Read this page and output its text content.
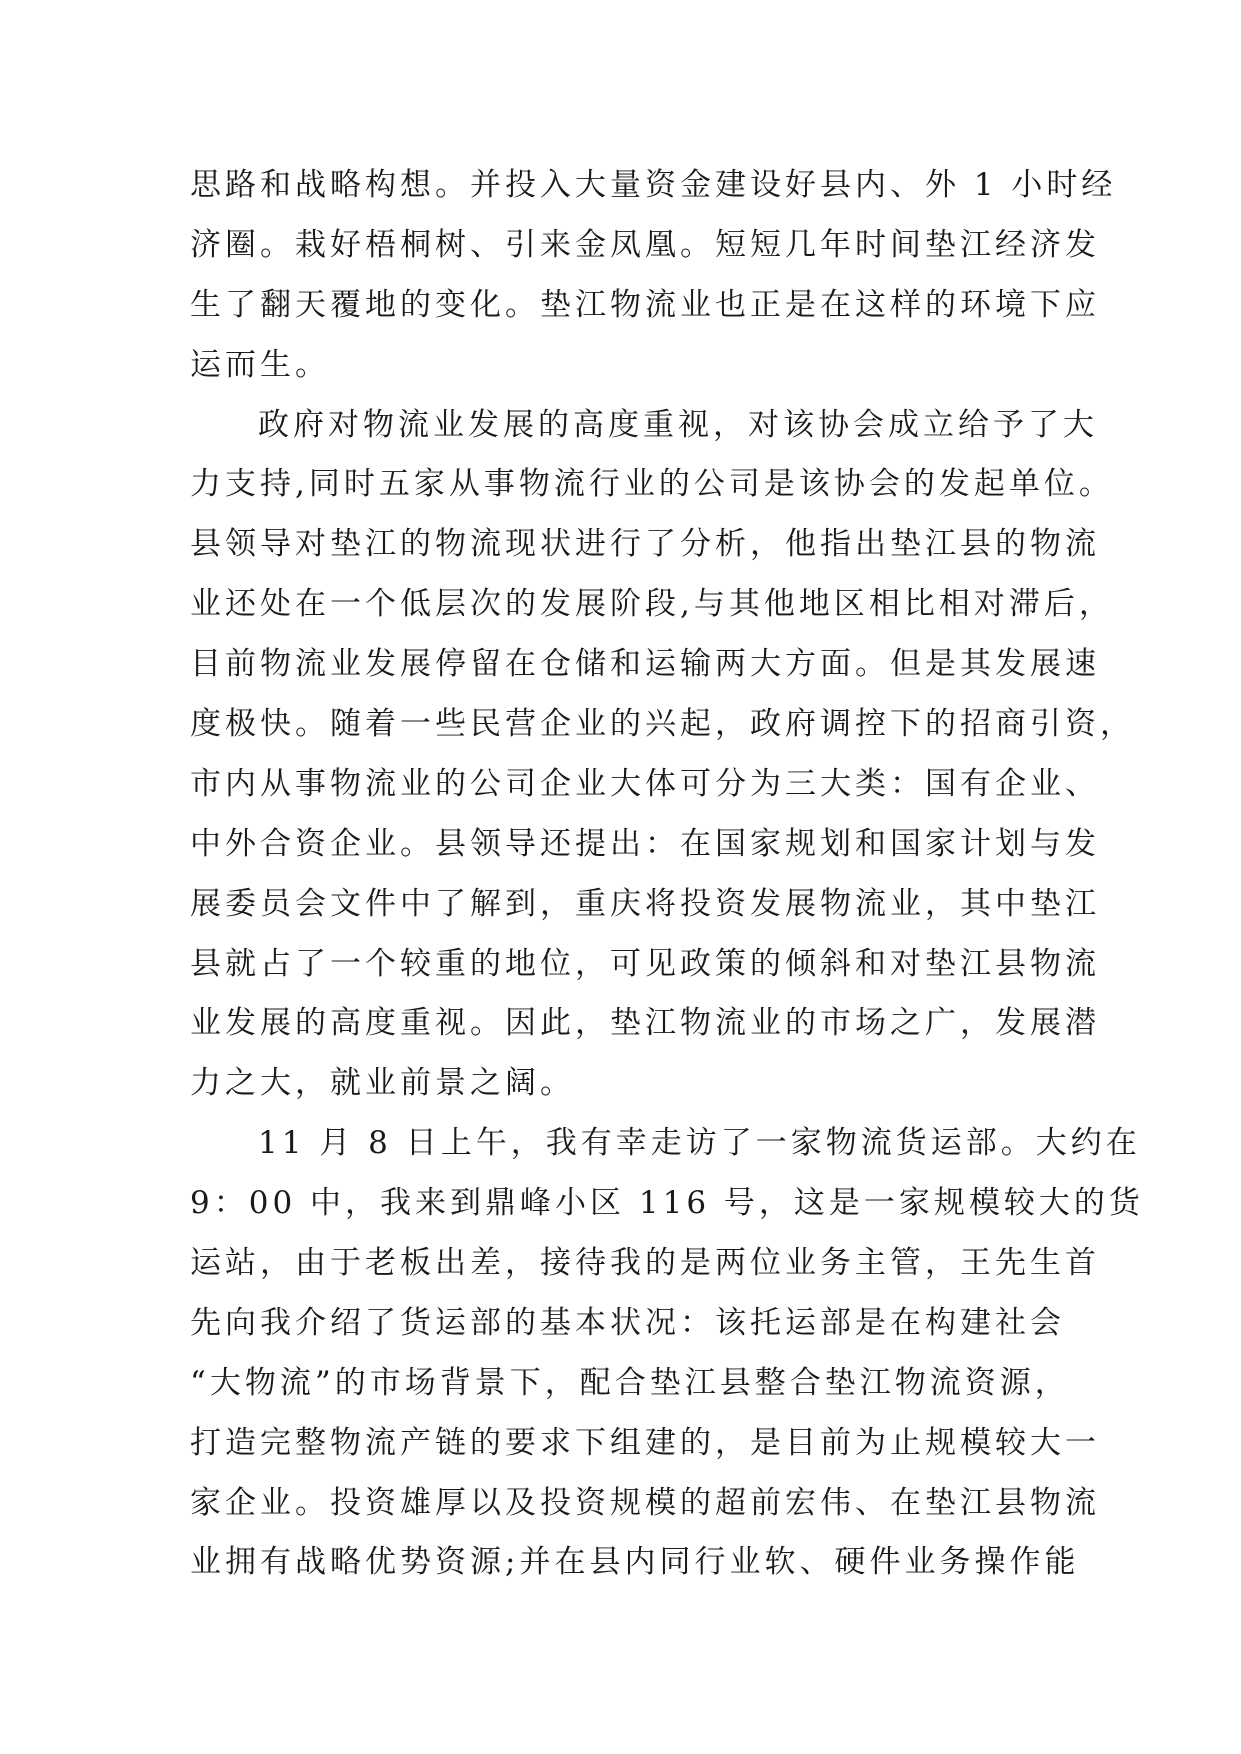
思路和战略构想。并投入大量资金建设好县内、外 1 小时经
济圈。栽好梧桐树、引来金凤凰。短短几年时间垫江经济发
生了翻天覆地的变化。垫江物流业也正是在这样的环境下应
运而生。
政府对物流业发展的高度重视，对该协会成立给予了大
力支持,同时五家从事物流行业的公司是该协会的发起单位。
县领导对垫江的物流现状进行了分析，他指出垫江县的物流
业还处在一个低层次的发展阶段,与其他地区相比相对滞后，
目前物流业发展停留在仓储和运输两大方面。但是其发展速
度极快。随着一些民营企业的兴起，政府调控下的招商引资，
市内从事物流业的公司企业大体可分为三大类：国有企业、
中外合资企业。县领导还提出：在国家规划和国家计划与发
展委员会文件中了解到，重庆将投资发展物流业，其中垫江
县就占了一个较重的地位，可见政策的倾斜和对垫江县物流
业发展的高度重视。因此，垫江物流业的市场之广，发展潜
力之大，就业前景之阔。
11 月 8 日上午，我有幸走访了一家物流货运部。大约在
9：00 中，我来到鼎峰小区 116 号，这是一家规模较大的货
运站，由于老板出差，接待我的是两位业务主管，王先生首
先向我介绍了货运部的基本状况：该托运部是在构建社会
“大物流”的市场背景下，配合垫江县整合垫江物流资源，
打造完整物流产链的要求下组建的，是目前为止规模较大一
家企业。投资雄厚以及投资规模的超前宏伟、在垫江县物流
业拥有战略优势资源;并在县内同行业软、硬件业务操作能
